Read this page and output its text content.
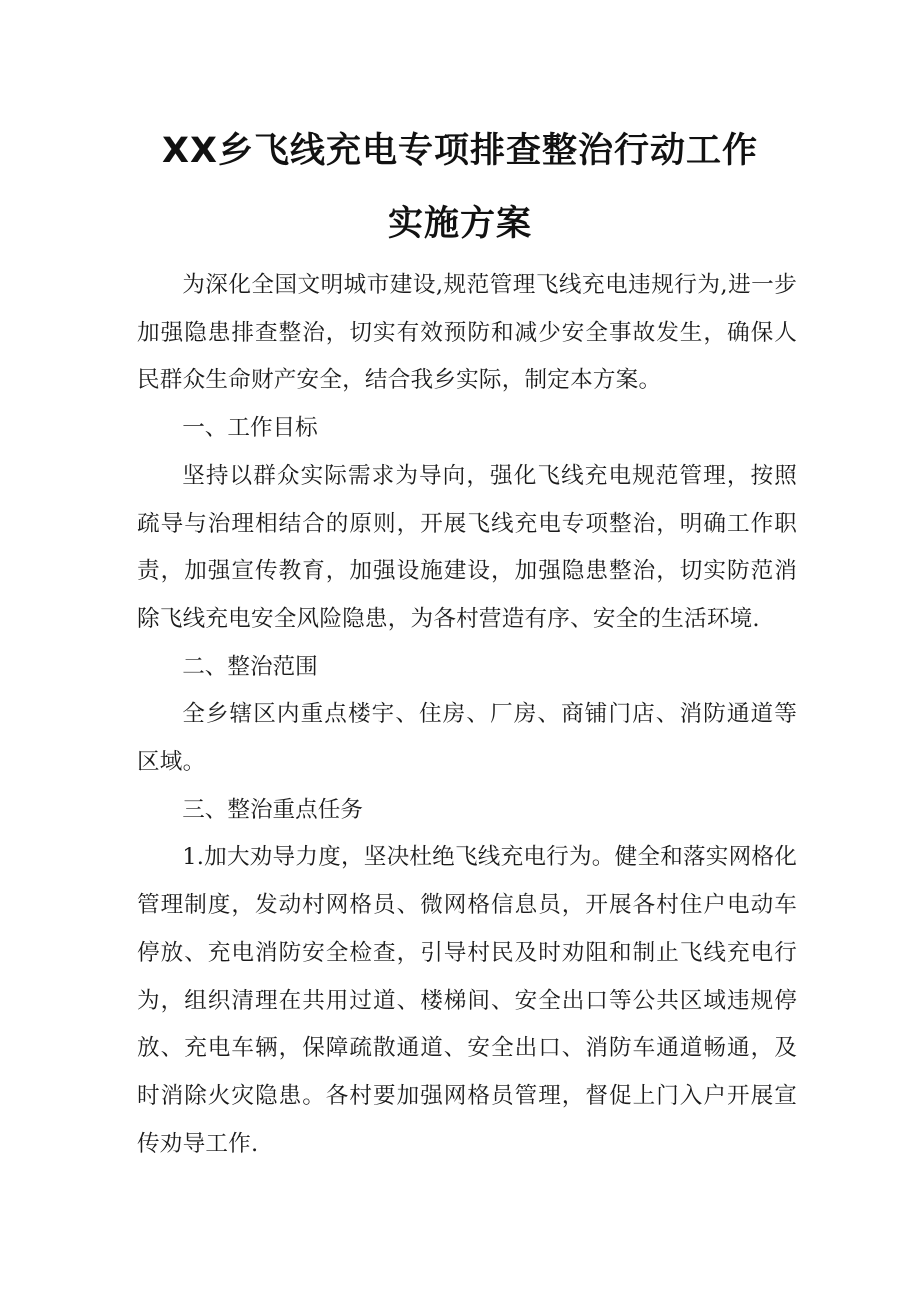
XX乡飞线充电专项排查整治行动工作
实施方案

为深化全国文明城市建设,规范管理飞线充电违规行为,进一步加强隐患排查整治，切实有效预防和减少安全事故发生，确保人民群众生命财产安全，结合我乡实际，制定本方案。

一、工作目标

坚持以群众实际需求为导向，强化飞线充电规范管理，按照疏导与治理相结合的原则，开展飞线充电专项整治，明确工作职责，加强宣传教育，加强设施建设，加强隐患整治，切实防范消除飞线充电安全风险隐患，为各村营造有序、安全的生活环境.

二、整治范围

全乡辖区内重点楼宇、住房、厂房、商铺门店、消防通道等区域。

三、整治重点任务

1.加大劝导力度，坚决杜绝飞线充电行为。健全和落实网格化管理制度，发动村网格员、微网格信息员，开展各村住户电动车停放、充电消防安全检查，引导村民及时劝阻和制止飞线充电行为，组织清理在共用过道、楼梯间、安全出口等公共区域违规停放、充电车辆，保障疏散通道、安全出口、消防车通道畅通，及时消除火灾隐患。各村要加强网格员管理，督促上门入户开展宣传劝导工作.
